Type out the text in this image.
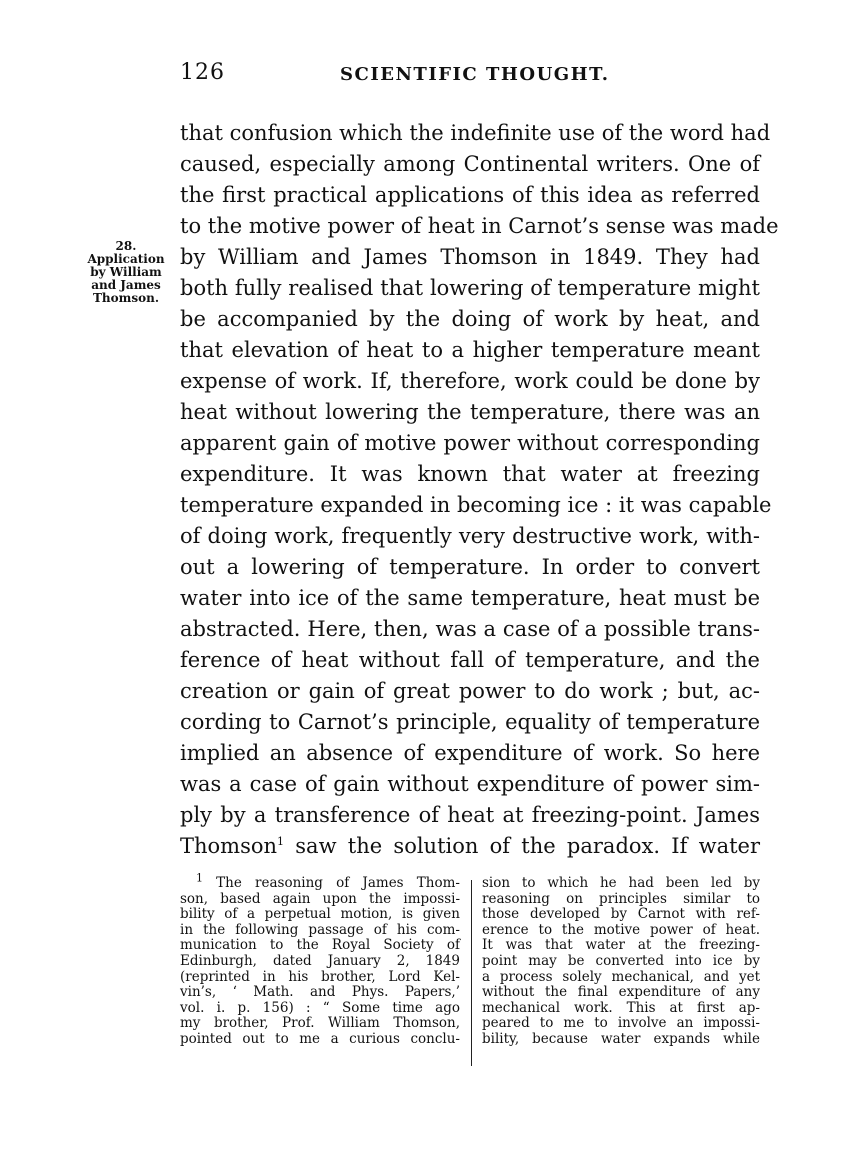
126	SCIENTIFIC THOUGHT.
28.
Application
by William
and James
Thomson.
that confusion which the indefinite use of the word had
caused, especially among Continental writers. One of
the first practical applications of this idea as referred
to the motive power of heat in Carnot’s sense was made
by William and James Thomson in 1849. They had
both fully realised that lowering of temperature might
be accompanied by the doing of work by heat, and
that elevation of heat to a higher temperature meant
expense of work. If, therefore, work could be done by
heat without lowering the temperature, there was an
apparent gain of motive power without corresponding
expenditure. It was known that water at freezing
temperature expanded in becoming ice : it was capable
of doing work, frequently very destructive work, with-
out a lowering of temperature. In order to convert
water into ice of the same temperature, heat must be
abstracted. Here, then, was a case of a possible trans-
ference of heat without fall of temperature, and the
creation or gain of great power to do work ; but, ac-
cording to Carnot’s principle, equality of temperature
implied an absence of expenditure of work. So here
was a case of gain without expenditure of power sim-
ply by a transference of heat at freezing-point. James
Thomson$^1$ saw the solution of the paradox. If water
$^1$ The reasoning of James Thom-
son, based again upon the impossi-
bility of a perpetual motion, is given
in the following passage of his com-
munication to the Royal Society of
Edinburgh, dated January 2, 1849
(reprinted in his brother, Lord Kel-
vin’s, ‘ Math. and Phys. Papers,’
vol. i. p. 156) : “ Some time ago
my brother, Prof. William Thomson,
pointed out to me a curious conclu-
sion to which he had been led by
reasoning on principles similar to
those developed by Carnot with ref-
erence to the motive power of heat.
It was that water at the freezing-
point may be converted into ice by
a process solely mechanical, and yet
without the final expenditure of any
mechanical work. This at first ap-
peared to me to involve an impossi-
bility, because water expands while
